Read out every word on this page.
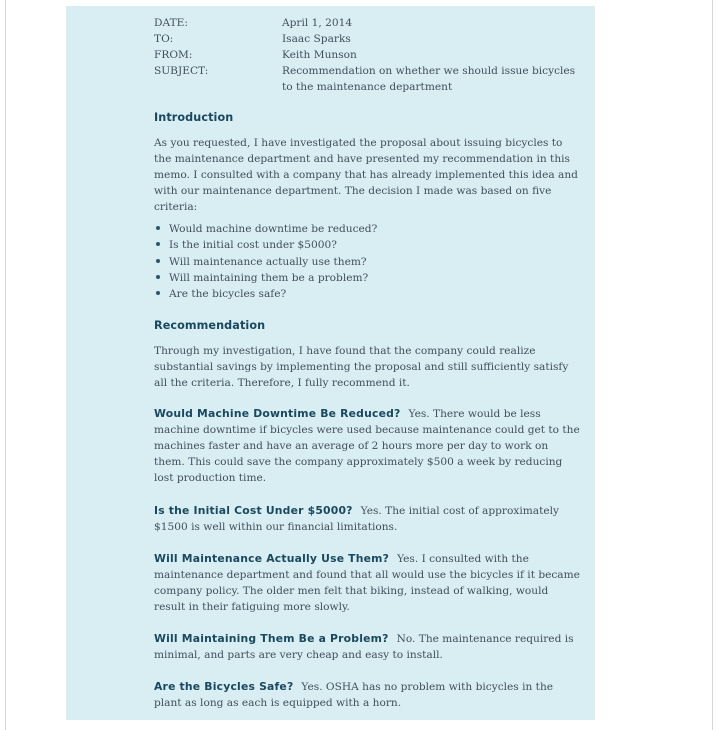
DATE:	April 1, 2014
TO:	Isaac Sparks
FROM:	Keith Munson
SUBJECT:	Recommendation on whether we should issue bicycles to the maintenance department
Introduction

As you requested, I have investigated the proposal about issuing bicycles to the maintenance department and have presented my recommendation in this memo. I consulted with a company that has already implemented this idea and with our maintenance department. The decision I made was based on five criteria:

Would machine downtime be reduced?
Is the initial cost under $5000?
Will maintenance actually use them?
Will maintaining them be a problem?
Are the bicycles safe?
Recommendation

Through my investigation, I have found that the company could realize substantial savings by implementing the proposal and still sufficiently satisfy all the criteria. Therefore, I fully recommend it.

Would Machine Downtime Be Reduced? Yes. There would be less machine downtime if bicycles were used because maintenance could get to the machines faster and have an average of 2 hours more per day to work on them. This could save the company approximately $500 a week by reducing lost production time.

Is the Initial Cost Under $5000? Yes. The initial cost of approximately $1500 is well within our financial limitations.

Will Maintenance Actually Use Them? Yes. I consulted with the maintenance department and found that all would use the bicycles if it became company policy. The older men felt that biking, instead of walking, would result in their fatiguing more slowly.

Will Maintaining Them Be a Problem? No. The maintenance required is minimal, and parts are very cheap and easy to install.

Are the Bicycles Safe? Yes. OSHA has no problem with bicycles in the plant as long as each is equipped with a horn.
